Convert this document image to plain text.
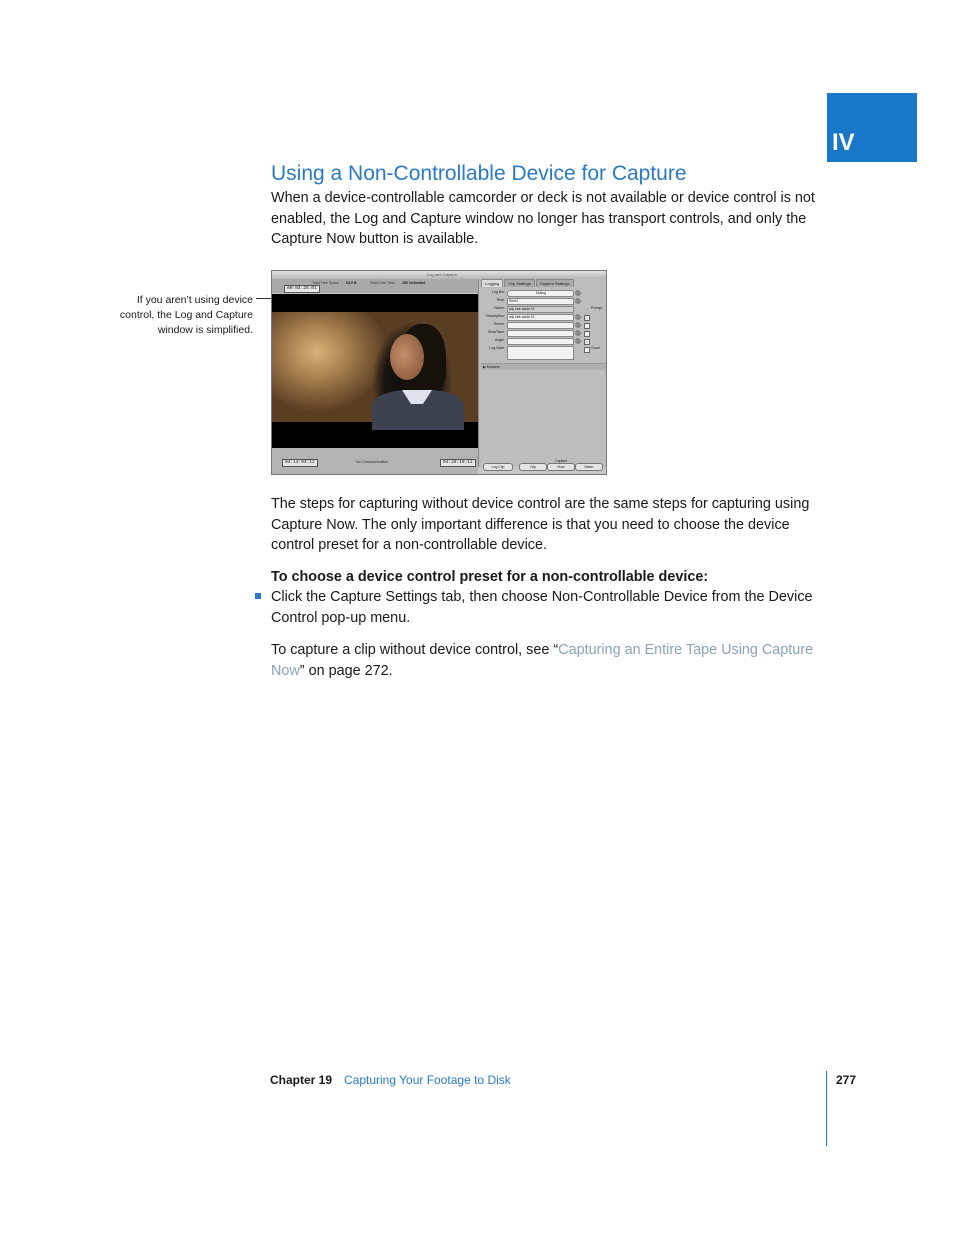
IV
Using a Non-Controllable Device for Capture

When a device-controllable camcorder or deck is not available or device control is not enabled, the Log and Capture window no longer has transport controls, and only the Capture Now button is available.

If you aren’t using device control, the Log and Capture window is simplified.
Log and Capture
Total Free Space 64.0 B	Total Free Time 456 Unlimited
00:03:25:01
04:14:03:12	No Communication	04:28:10:12
Logging	Clip Settings	Capture Settings
Log Bin:	Dialog
Reel:	Reel1
Name:	ally talk aside 01	Prompt
Description:	ally talk aside 01	✓
Scene:
Shot/Take:
Angle:	✓
Log Note:	Good
▶ Markers
Log Clip
Capture
Clip	Now	Batch

The steps for capturing without device control are the same steps for capturing using Capture Now. The only important difference is that you need to choose the device control preset for a non-controllable device.

To choose a device control preset for a non-controllable device:

Click the Capture Settings tab, then choose Non-Controllable Device from the Device Control pop-up menu.

To capture a clip without device control, see “Capturing an Entire Tape Using Capture Now” on page 272.

Chapter 19 Capturing Your Footage to Disk	277
